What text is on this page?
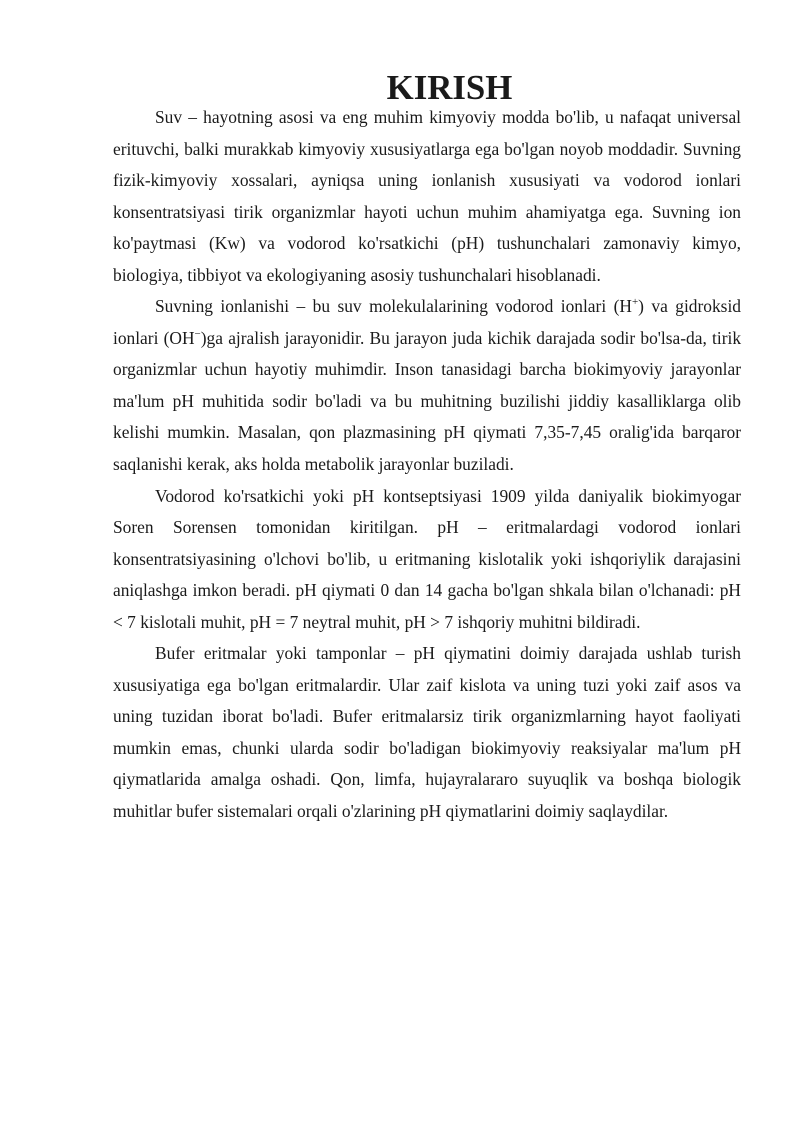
KIRISH

Suv – hayotning asosi va eng muhim kimyoviy modda bo'lib, u nafaqat universal erituvchi, balki murakkab kimyoviy xususiyatlarga ega bo'lgan noyob moddadir. Suvning fizik-kimyoviy xossalari, ayniqsa uning ionlanish xususiyati va vodorod ionlari konsentratsiyasi tirik organizmlar hayoti uchun muhim ahamiyatga ega. Suvning ion ko'paytmasi (Kw) va vodorod ko'rsatkichi (pH) tushunchalari zamonaviy kimyo, biologiya, tibbiyot va ekologiyaning asosiy tushunchalari hisoblanadi.

Suvning ionlanishi – bu suv molekulalarining vodorod ionlari (H+) va gidroksid ionlari (OH−)ga ajralish jarayonidir. Bu jarayon juda kichik darajada sodir bo'lsa-da, tirik organizmlar uchun hayotiy muhimdir. Inson tanasidagi barcha biokimyoviy jarayonlar ma'lum pH muhitida sodir bo'ladi va bu muhitning buzilishi jiddiy kasalliklarga olib kelishi mumkin. Masalan, qon plazmasining pH qiymati 7,35-7,45 oralig'ida barqaror saqlanishi kerak, aks holda metabolik jarayonlar buziladi.

Vodorod ko'rsatkichi yoki pH kontseptsiyasi 1909 yilda daniyalik biokimyogar Soren Sorensen tomonidan kiritilgan. pH – eritmalardagi vodorod ionlari konsentratsiyasining o'lchovi bo'lib, u eritmaning kislotalik yoki ishqoriylik darajasini aniqlashga imkon beradi. pH qiymati 0 dan 14 gacha bo'lgan shkala bilan o'lchanadi: pH < 7 kislotali muhit, pH = 7 neytral muhit, pH > 7 ishqoriy muhitni bildiradi.

Bufer eritmalar yoki tamponlar – pH qiymatini doimiy darajada ushlab turish xususiyatiga ega bo'lgan eritmalardir. Ular zaif kislota va uning tuzi yoki zaif asos va uning tuzidan iborat bo'ladi. Bufer eritmalarsiz tirik organizmlarning hayot faoliyati mumkin emas, chunki ularda sodir bo'ladigan biokimyoviy reaksiyalar ma'lum pH qiymatlarida amalga oshadi. Qon, limfa, hujayralararo suyuqlik va boshqa biologik muhitlar bufer sistemalari orqali o'zlarining pH qiymatlarini doimiy saqlaydilar.
